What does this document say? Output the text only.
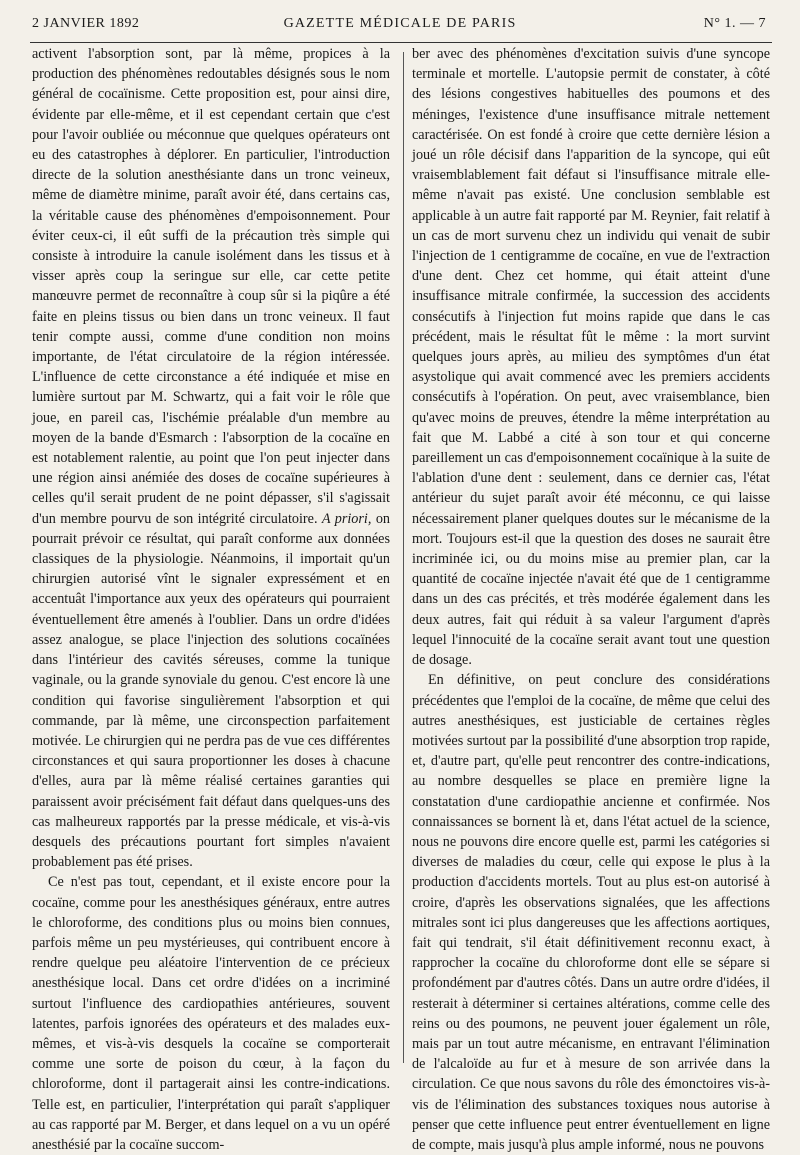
2 JANVIER 1892	GAZETTE MÉDICALE DE PARIS	N° 1. — 7

activent l'absorption sont, par là même, propices à la production des phénomènes redoutables désignés sous le nom général de cocaïnisme. Cette proposition est, pour ainsi dire, évidente par elle-même, et il est cependant certain que c'est pour l'avoir oubliée ou méconnue que quelques opérateurs ont eu des catastrophes à déplorer. En particulier, l'introduction directe de la solution anesthésiante dans un tronc veineux, même de diamètre minime, paraît avoir été, dans certains cas, la véritable cause des phénomènes d'empoisonnement. Pour éviter ceux-ci, il eût suffi de la précaution très simple qui consiste à introduire la canule isolément dans les tissus et à visser après coup la seringue sur elle, car cette petite manœuvre permet de reconnaître à coup sûr si la piqûre a été faite en pleins tissus ou bien dans un tronc veineux. Il faut tenir compte aussi, comme d'une condition non moins importante, de l'état circulatoire de la région intéressée. L'influence de cette circonstance a été indiquée et mise en lumière surtout par M. Schwartz, qui a fait voir le rôle que joue, en pareil cas, l'ischémie préalable d'un membre au moyen de la bande d'Esmarch : l'absorption de la cocaïne en est notablement ralentie, au point que l'on peut injecter dans une région ainsi anémiée des doses de cocaïne supérieures à celles qu'il serait prudent de ne point dépasser, s'il s'agissait d'un membre pourvu de son intégrité circulatoire. A priori, on pourrait prévoir ce résultat, qui paraît conforme aux données classiques de la physiologie. Néanmoins, il importait qu'un chirurgien autorisé vînt le signaler expressément et en accentuât l'importance aux yeux des opérateurs qui pourraient éventuellement être amenés à l'oublier. Dans un ordre d'idées assez analogue, se place l'injection des solutions cocaïnées dans l'intérieur des cavités séreuses, comme la tunique vaginale, ou la grande synoviale du genou. C'est encore là une condition qui favorise singulièrement l'absorption et qui commande, par là même, une circonspection parfaitement motivée. Le chirurgien qui ne perdra pas de vue ces différentes circonstances et qui saura proportionner les doses à chacune d'elles, aura par là même réalisé certaines garanties qui paraissent avoir précisément fait défaut dans quelques-uns des cas malheureux rapportés par la presse médicale, et vis-à-vis desquels des précautions pourtant fort simples n'avaient probablement pas été prises.

Ce n'est pas tout, cependant, et il existe encore pour la cocaïne, comme pour les anesthésiques généraux, entre autres le chloroforme, des conditions plus ou moins bien connues, parfois même un peu mystérieuses, qui contribuent encore à rendre quelque peu aléatoire l'intervention de ce précieux anesthésique local. Dans cet ordre d'idées on a incriminé surtout l'influence des cardiopathies antérieures, souvent latentes, parfois ignorées des opérateurs et des malades eux-mêmes, et vis-à-vis desquels la cocaïne se comporterait comme une sorte de poison du cœur, à la façon du chloroforme, dont il partagerait ainsi les contre-indications. Telle est, en particulier, l'interprétation qui paraît s'appliquer au cas rapporté par M. Berger, et dans lequel on a vu un opéré anesthésié par la cocaïne succom-

ber avec des phénomènes d'excitation suivis d'une syncope terminale et mortelle. L'autopsie permit de constater, à côté des lésions congestives habituelles des poumons et des méninges, l'existence d'une insuffisance mitrale nettement caractérisée. On est fondé à croire que cette dernière lésion a joué un rôle décisif dans l'apparition de la syncope, qui eût vraisemblablement fait défaut si l'insuffisance mitrale elle-même n'avait pas existé. Une conclusion semblable est applicable à un autre fait rapporté par M. Reynier, fait relatif à un cas de mort survenu chez un individu qui venait de subir l'injection de 1 centigramme de cocaïne, en vue de l'extraction d'une dent. Chez cet homme, qui était atteint d'une insuffisance mitrale confirmée, la succession des accidents consécutifs à l'injection fut moins rapide que dans le cas précédent, mais le résultat fût le même : la mort survint quelques jours après, au milieu des symptômes d'un état asystolique qui avait commencé avec les premiers accidents consécutifs à l'opération. On peut, avec vraisemblance, bien qu'avec moins de preuves, étendre la même interprétation au fait que M. Labbé a cité à son tour et qui concerne pareillement un cas d'empoisonnement cocaïnique à la suite de l'ablation d'une dent : seulement, dans ce dernier cas, l'état antérieur du sujet paraît avoir été méconnu, ce qui laisse nécessairement planer quelques doutes sur le mécanisme de la mort. Toujours est-il que la question des doses ne saurait être incriminée ici, ou du moins mise au premier plan, car la quantité de cocaïne injectée n'avait été que de 1 centigramme dans un des cas précités, et très modérée également dans les deux autres, fait qui réduit à sa valeur l'argument d'après lequel l'innocuité de la cocaïne serait avant tout une question de dosage.

En définitive, on peut conclure des considérations précédentes que l'emploi de la cocaïne, de même que celui des autres anesthésiques, est justiciable de certaines règles motivées surtout par la possibilité d'une absorption trop rapide, et, d'autre part, qu'elle peut rencontrer des contre-indications, au nombre desquelles se place en première ligne la constatation d'une cardiopathie ancienne et confirmée. Nos connaissances se bornent là et, dans l'état actuel de la science, nous ne pouvons dire encore quelle est, parmi les catégories si diverses de maladies du cœur, celle qui expose le plus à la production d'accidents mortels. Tout au plus est-on autorisé à croire, d'après les observations signalées, que les affections mitrales sont ici plus dangereuses que les affections aortiques, fait qui tendrait, s'il était définitivement reconnu exact, à rapprocher la cocaïne du chloroforme dont elle se sépare si profondément par d'autres côtés. Dans un autre ordre d'idées, il resterait à déterminer si certaines altérations, comme celle des reins ou des poumons, ne peuvent jouer également un rôle, mais par un tout autre mécanisme, en entravant l'élimination de l'alcaloïde au fur et à mesure de son arrivée dans la circulation. Ce que nous savons du rôle des émonctoires vis-à-vis de l'élimination des substances toxiques nous autorise à penser que cette influence peut entrer éventuellement en ligne de compte, mais jusqu'à plus ample informé, nous ne pouvons
